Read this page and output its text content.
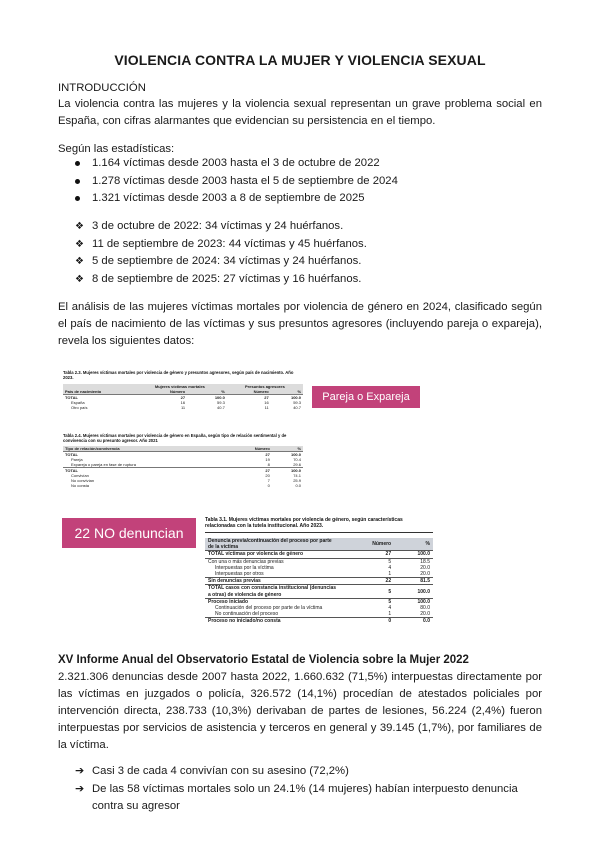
VIOLENCIA CONTRA LA MUJER Y VIOLENCIA SEXUAL

INTRODUCCIÓN

La violencia contra las mujeres y la violencia sexual representan un grave problema social en España, con cifras alarmantes que evidencian su persistencia en el tiempo.

Según las estadísticas:

1.164 víctimas desde 2003 hasta el 3 de octubre de 2022
1.278 víctimas desde 2003 hasta el 5 de septiembre de 2024
1.321 víctimas desde 2003 a 8 de septiembre de 2025
❖ 3 de octubre de 2022: 34 víctimas y 24 huérfanos.
❖ 11 de septiembre de 2023: 44 víctimas y 45 huérfanos.
❖ 5 de septiembre de 2024: 34 víctimas y 24 huérfanos.
❖ 8 de septiembre de 2025: 27 víctimas y 16 huérfanos.

El análisis de las mujeres víctimas mortales por violencia de género en 2024, clasificado según el país de nacimiento de las víctimas y sus presuntos agresores (incluyendo pareja o expareja), revela los siguientes datos:

Tabla 2.3. Mujeres víctimas mortales por violencia de género y presuntos agresores, según país de nacimiento. Año 2023.
	Mujeres víctimas mortales		Presuntos agresores	
País de nacimiento	Número	%	Número	%
TOTAL	27	100.0	27	100.0
España	16	59.3	16	59.3
Otro país	11	40.7	11	40.7
Tabla 2.4. Mujeres víctimas mortales por violencia de género en España, según tipo de relación sentimental y de convivencia con su presunto agresor. Año 2021
Tipo de relación/convivencia	Número	%
TOTAL	27	100.0
Pareja	19	70.4
Expareja o pareja en fase de ruptura	8	29.6
TOTAL	27	100.0
Convivían	20	74.1
No convivían	7	25.9
No consta	0	0.0
Pareja o Expareja
22 NO denuncian
Tabla 3.1. Mujeres víctimas mortales por violencia de género, según características relacionadas con la tutela institucional. Año 2023.
Denuncia previa/continuación del proceso por parte de la víctima	Número	%
TOTAL víctimas por violencia de género	27	100.0
Con una o más denuncias previas	5	18.5
Interpuestas por la víctima	4	20.0
Interpuestas por otros	1	20.0
Sin denuncias previas	22	81.5
TOTAL casos con constancia institucional (denuncias a otras) de violencia de género	5	100.0
Proceso iniciado	5	100.0
Continuación del proceso por parte de la víctima	4	80.0
No continuación del proceso	1	20.0
Proceso no iniciado/no consta	0	0.0

XV Informe Anual del Observatorio Estatal de Violencia sobre la Mujer 2022

2.321.306 denuncias desde 2007 hasta 2022, 1.660.632 (71,5%) interpuestas directamente por las víctimas en juzgados o policía, 326.572 (14,1%) procedían de atestados policiales por intervención directa, 238.733 (10,3%) derivaban de partes de lesiones, 56.224 (2,4%) fueron interpuestas por servicios de asistencia y terceros en general y 39.145 (1,7%), por familiares de la víctima.

➔ Casi 3 de cada 4 convivían con su asesino (72,2%)
➔ De las 58 víctimas mortales solo un 24.1% (14 mujeres) habían interpuesto denuncia contra su agresor
